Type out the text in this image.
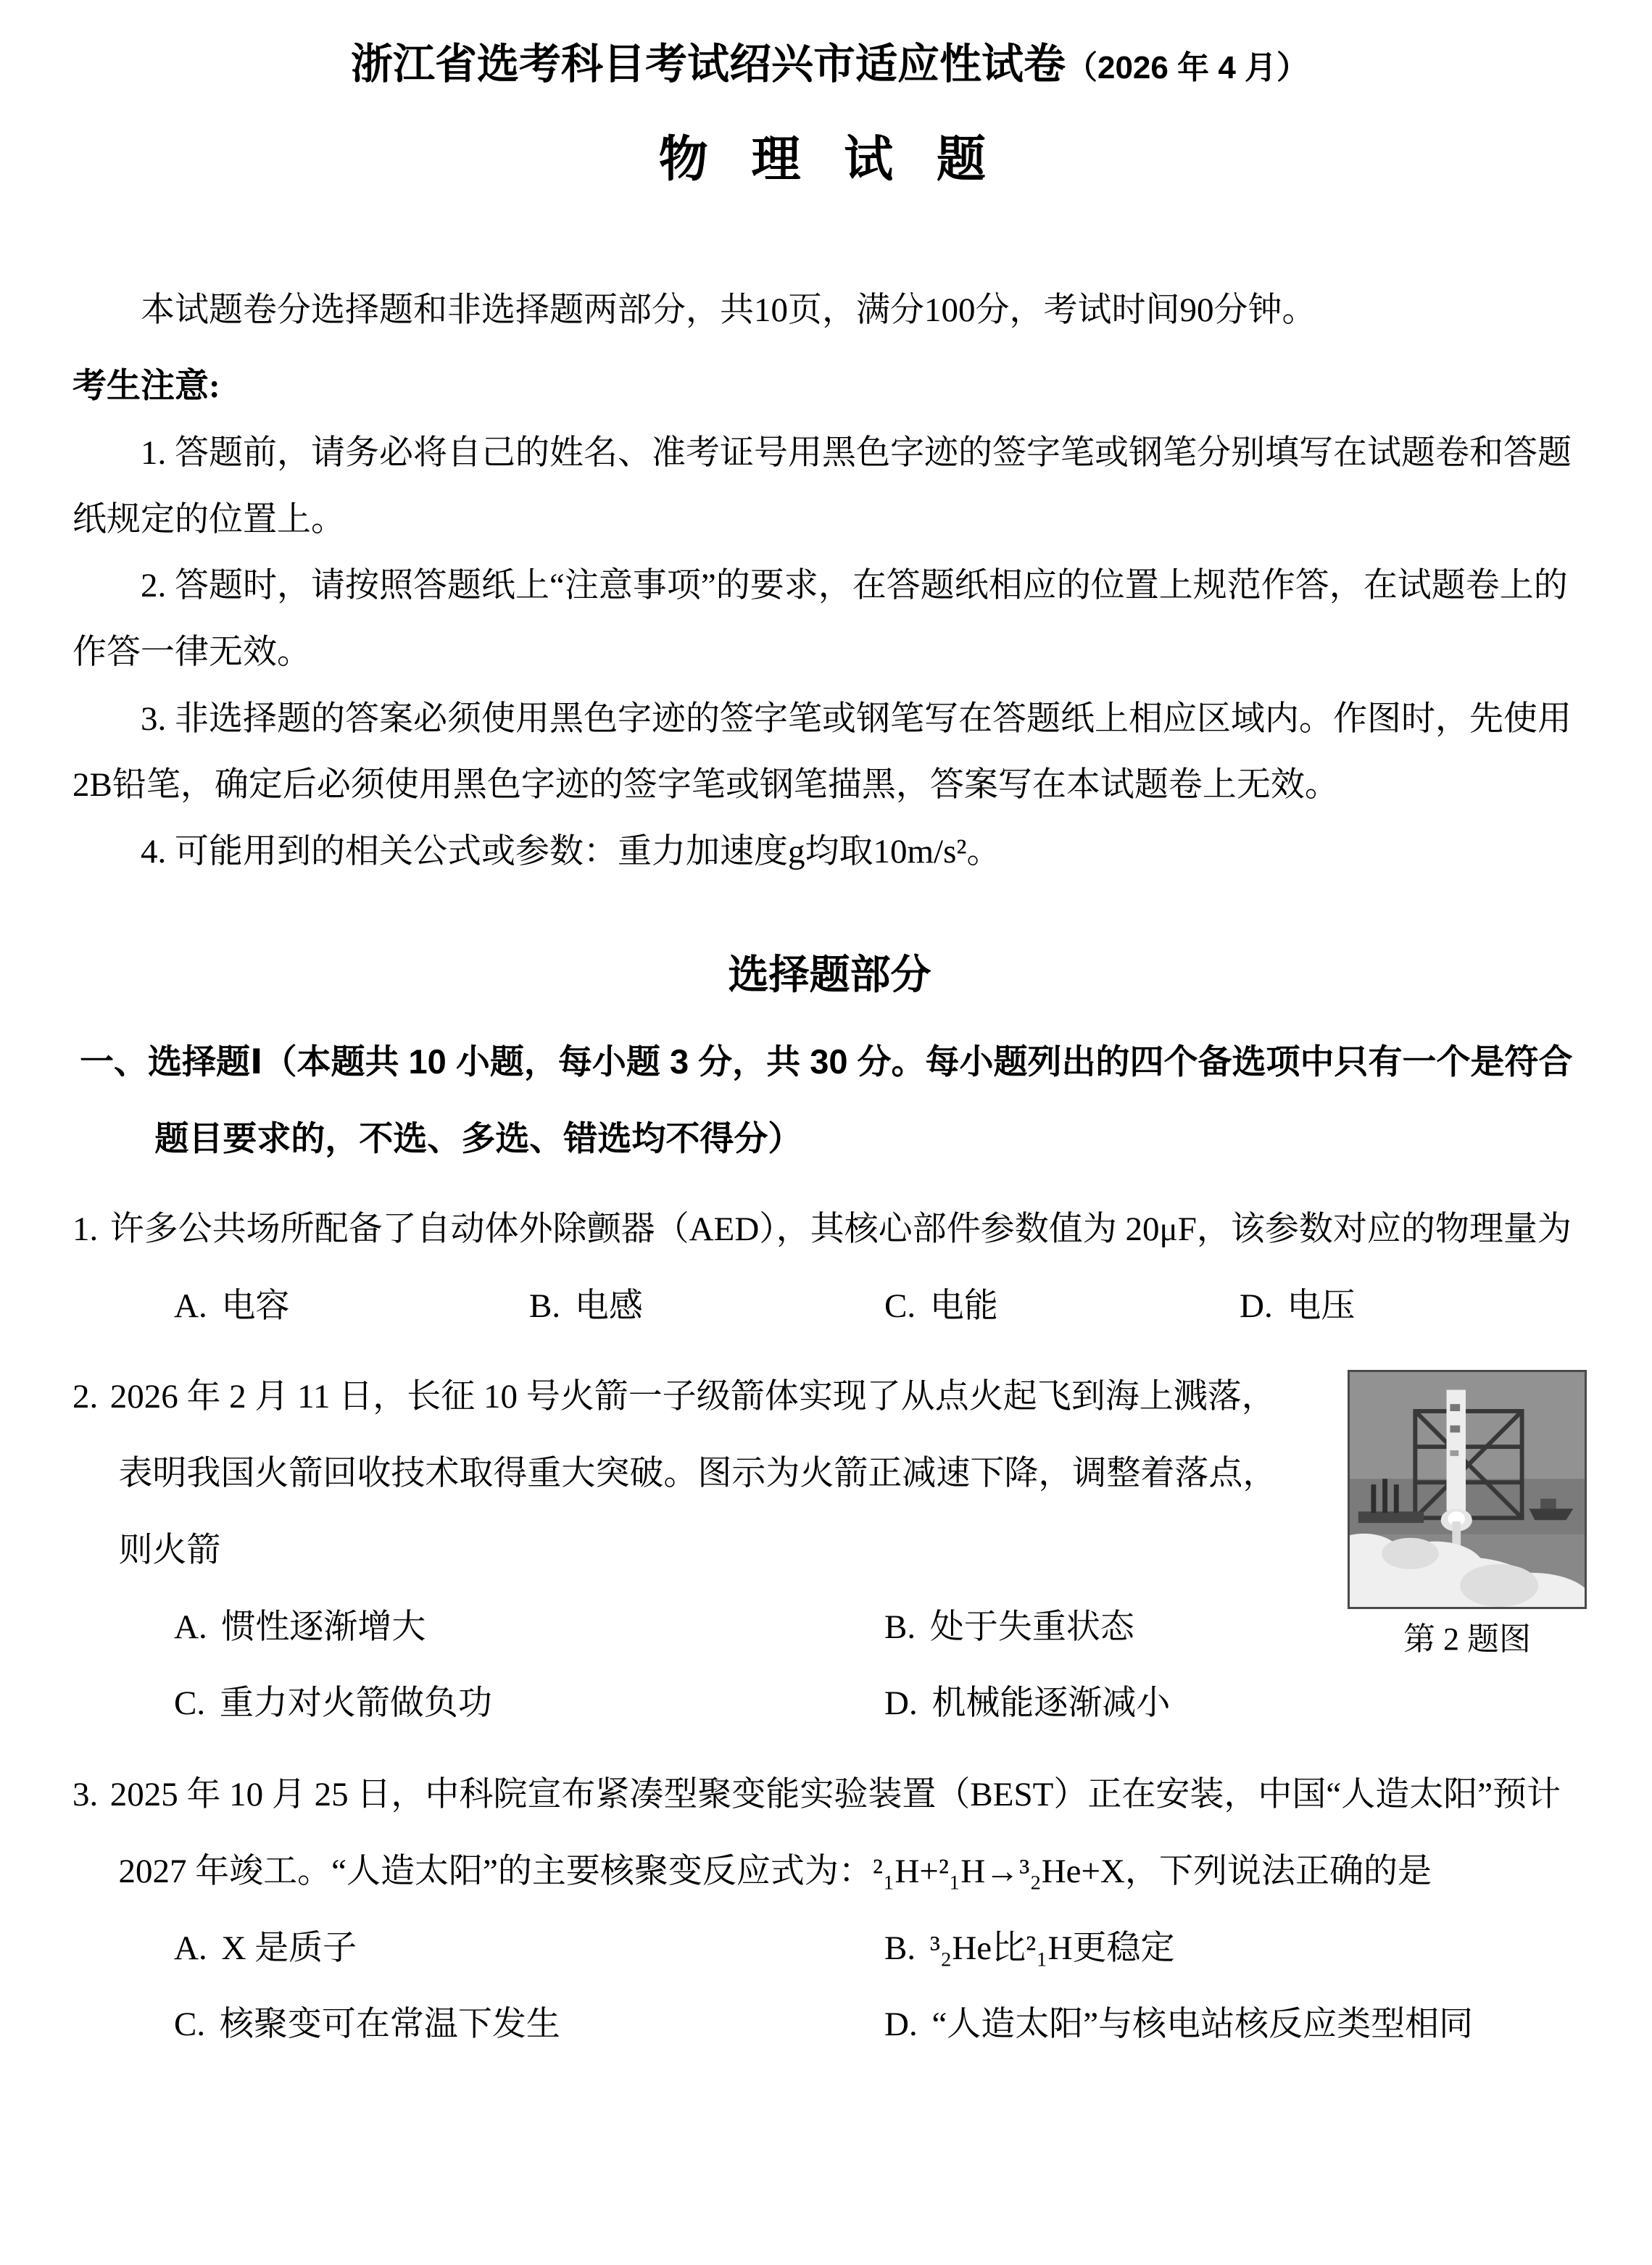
浙江省选考科目考试绍兴市适应性试卷（2026 年 4 月）
物 理 试 题

本试题卷分选择题和非选择题两部分，共10页，满分100分，考试时间90分钟。

考生注意:

1. 答题前，请务必将自己的姓名、准考证号用黑色字迹的签字笔或钢笔分别填写在试题卷和答题纸规定的位置上。

2. 答题时，请按照答题纸上“注意事项”的要求，在答题纸相应的位置上规范作答，在试题卷上的作答一律无效。

3. 非选择题的答案必须使用黑色字迹的签字笔或钢笔写在答题纸上相应区域内。作图时，先使用2B铅笔，确定后必须使用黑色字迹的签字笔或钢笔描黑，答案写在本试题卷上无效。

4. 可能用到的相关公式或参数：重力加速度g均取10m/s²。

选择题部分

一、选择题Ⅰ（本题共 10 小题，每小题 3 分，共 30 分。每小题列出的四个备选项中只有一个是符合题目要求的，不选、多选、错选均不得分）

1. 许多公共场所配备了自动体外除颤器（AED），其核心部件参数值为 20μF，该参数对应的物理量为

A. 电容	B. 电感	C. 电能	D. 电压

第 2 题图

2. 2026 年 2 月 11 日，长征 10 号火箭一子级箭体实现了从点火起飞到海上溅落，表明我国火箭回收技术取得重大突破。图示为火箭正减速下降，调整着落点，则火箭

A. 惯性逐渐增大	B. 处于失重状态

C. 重力对火箭做负功	D. 机械能逐渐减小

3. 2025 年 10 月 25 日，中科院宣布紧凑型聚变能实验装置（BEST）正在安装，中国“人造太阳”预计 2027 年竣工。“人造太阳”的主要核聚变反应式为：²₁H+²₁H→³₂He+X，下列说法正确的是

A. X 是质子	B. ³₂He比²₁H更稳定

C. 核聚变可在常温下发生	D. “人造太阳”与核电站核反应类型相同
